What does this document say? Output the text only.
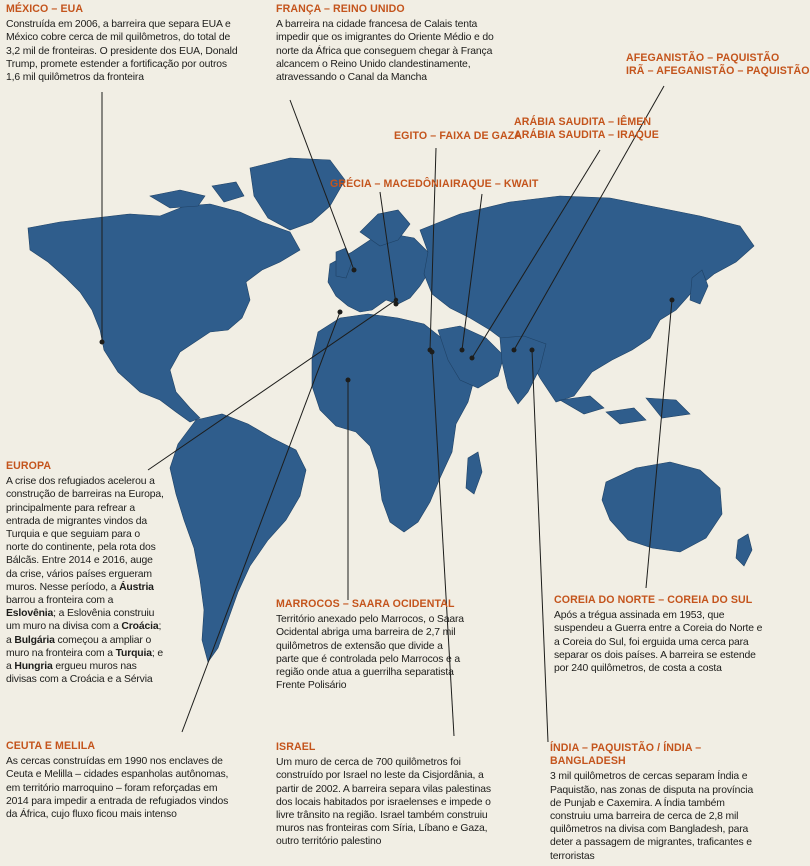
MÉXICO – EUA

Construída em 2006, a barreira que separa EUA e México cobre cerca de mil quilômetros, do total de 3,2 mil de fronteiras. O presidente dos EUA, Donald Trump, promete estender a fortificação por outros 1,6 mil quilômetros da fronteira

FRANÇA – REINO UNIDO

A barreira na cidade francesa de Calais tenta impedir que os imigrantes do Oriente Médio e do norte da África que conseguem chegar à França alcancem o Reino Unido clandestinamente, atravessando o Canal da Mancha

AFEGANISTÃO – PAQUISTÃO
IRÃ – AFEGANISTÃO – PAQUISTÃO
ARÁBIA SAUDITA – IÊMEN
ARÁBIA SAUDITA – IRAQUE
EGITO – FAIXA DE GAZA
GRÉCIA – MACEDÔNIA IRAQUE – KWAIT
EUROPA

A crise dos refugiados acelerou a construção de barreiras na Europa, principalmente para refrear a entrada de migrantes vindos da Turquia e que seguiam para o norte do continente, pela rota dos Bálcãs. Entre 2014 e 2016, auge da crise, vários países ergueram muros. Nesse período, a Áustria barrou a fronteira com a Eslovênia; a Eslovênia construiu um muro na divisa com a Croácia; a Bulgária começou a ampliar o muro na fronteira com a Turquia; e a Hungria ergueu muros nas divisas com a Croácia e a Sérvia

CEUTA E MELILA

As cercas construídas em 1990 nos enclaves de Ceuta e Melilla – cidades espanholas autônomas, em território marroquino – foram reforçadas em 2014 para impedir a entrada de refugiados vindos da África, cujo fluxo ficou mais intenso

MARROCOS – SAARA OCIDENTAL

Território anexado pelo Marrocos, o Saara Ocidental abriga uma barreira de 2,7 mil quilômetros de extensão que divide a parte que é controlada pelo Marrocos e a região onde atua a guerrilha separatista Frente Polisário

ISRAEL

Um muro de cerca de 700 quilômetros foi construído por Israel no leste da Cisjordânia, a partir de 2002. A barreira separa vilas palestinas dos locais habitados por israelenses e impede o livre trânsito na região. Israel também construiu muros nas fronteiras com Síria, Líbano e Gaza, outro território palestino

COREIA DO NORTE – COREIA DO SUL

Após a trégua assinada em 1953, que suspendeu a Guerra entre a Coreia do Norte e a Coreia do Sul, foi erguida uma cerca para separar os dois países. A barreira se estende por 240 quilômetros, de costa a costa

ÍNDIA – PAQUISTÃO / ÍNDIA – BANGLADESH

3 mil quilômetros de cercas separam Índia e Paquistão, nas zonas de disputa na província de Punjab e Caxemira. A Índia também construiu uma barreira de cerca de 2,8 mil quilômetros na divisa com Bangladesh, para deter a passagem de migrantes, traficantes e terroristas
